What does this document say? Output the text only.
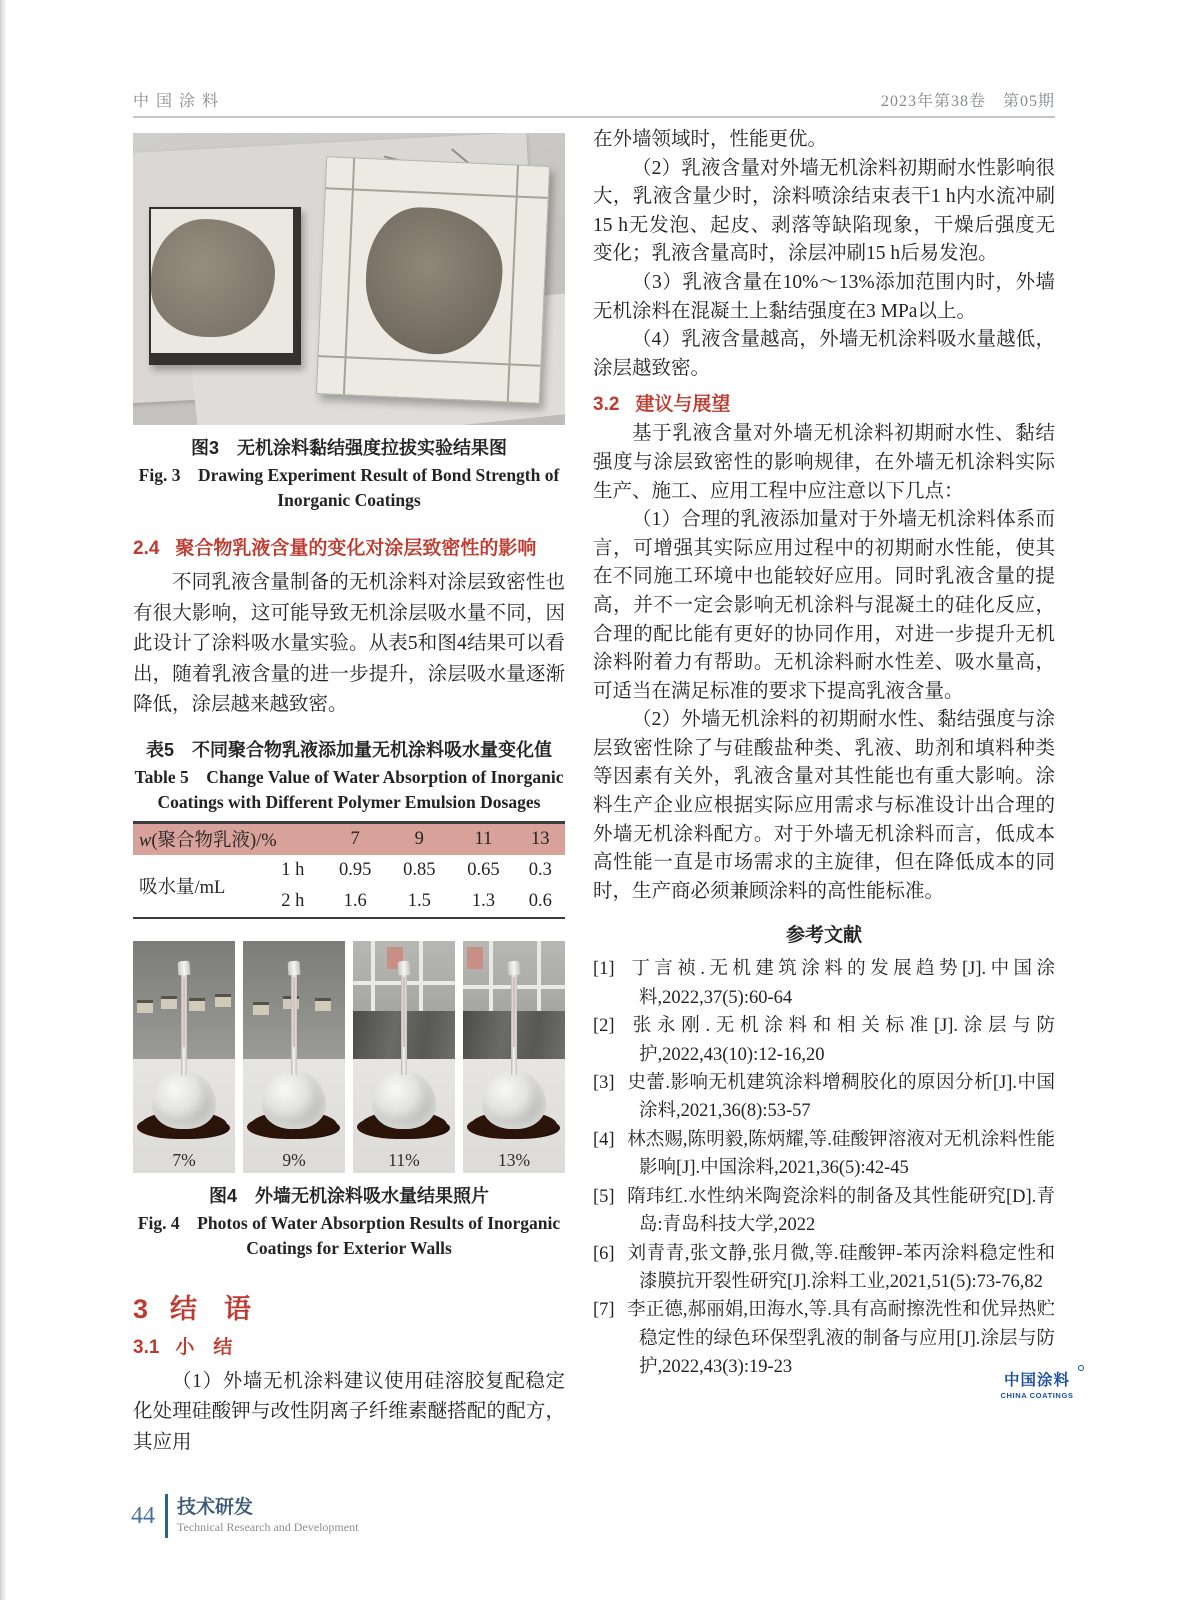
中国涂料	2023年第38卷　第05期
图3　无机涂料黏结强度拉拔实验结果图
Fig. 3　Drawing Experiment Result of Bond Strength of
Inorganic Coatings
2.4 聚合物乳液含量的变化对涂层致密性的影响

不同乳液含量制备的无机涂料对涂层致密性也有很大影响，这可能导致无机涂层吸水量不同，因此设计了涂料吸水量实验。从表5和图4结果可以看出，随着乳液含量的进一步提升，涂层吸水量逐渐降低，涂层越来越致密。

表5　不同聚合物乳液添加量无机涂料吸水量变化值
Table 5　Change Value of Water Absorption of Inorganic
Coatings with Different Polymer Emulsion Dosages
w(聚合物乳液)/%		7	9	11	13
吸水量/mL	1 h	0.95	0.85	0.65	0.3
	2 h	1.6	1.5	1.3	0.6
7%	9%	11%	13%
图4　外墙无机涂料吸水量结果照片
Fig. 4　Photos of Water Absorption Results of Inorganic
Coatings for Exterior Walls
3 结　语
3.1 小　结

（1）外墙无机涂料建议使用硅溶胶复配稳定化处理硅酸钾与改性阴离子纤维素醚搭配的配方，其应用

在外墙领域时，性能更优。

（2）乳液含量对外墙无机涂料初期耐水性影响很大，乳液含量少时，涂料喷涂结束表干1 h内水流冲刷15 h无发泡、起皮、剥落等缺陷现象，干燥后强度无变化；乳液含量高时，涂层冲刷15 h后易发泡。

（3）乳液含量在10%～13%添加范围内时，外墙无机涂料在混凝土上黏结强度在3 MPa以上。

（4）乳液含量越高，外墙无机涂料吸水量越低，涂层越致密。

3.2 建议与展望

基于乳液含量对外墙无机涂料初期耐水性、黏结强度与涂层致密性的影响规律，在外墙无机涂料实际生产、施工、应用工程中应注意以下几点：

（1）合理的乳液添加量对于外墙无机涂料体系而言，可增强其实际应用过程中的初期耐水性能，使其在不同施工环境中也能较好应用。同时乳液含量的提高，并不一定会影响无机涂料与混凝土的硅化反应，合理的配比能有更好的协同作用，对进一步提升无机涂料附着力有帮助。无机涂料耐水性差、吸水量高，可适当在满足标准的要求下提高乳液含量。

（2）外墙无机涂料的初期耐水性、黏结强度与涂层致密性除了与硅酸盐种类、乳液、助剂和填料种类等因素有关外，乳液含量对其性能也有重大影响。涂料生产企业应根据实际应用需求与标准设计出合理的外墙无机涂料配方。对于外墙无机涂料而言，低成本高性能一直是市场需求的主旋律，但在降低成本的同时，生产商必须兼顾涂料的高性能标准。

参考文献

[1] 丁言祯.无机建筑涂料的发展趋势[J].中国涂料,2022,37(5):60-64

[2] 张永刚.无机涂料和相关标准[J].涂层与防护,2022,43(10):12-16,20

[3] 史蕾.影响无机建筑涂料增稠胶化的原因分析[J].中国涂料,2021,36(8):53-57

[4] 林杰赐,陈明毅,陈炳耀,等.硅酸钾溶液对无机涂料性能影响[J].中国涂料,2021,36(5):42-45

[5] 隋玮红.水性纳米陶瓷涂料的制备及其性能研究[D].青岛:青岛科技大学,2022

[6] 刘青青,张文静,张月微,等.硅酸钾-苯丙涂料稳定性和漆膜抗开裂性研究[J].涂料工业,2021,51(5):73-76,82

[7] 李正德,郝丽娟,田海水,等.具有高耐擦洗性和优异热贮稳定性的绿色环保型乳液的制备与应用[J].涂层与防护,2022,43(3):19-23

中国涂料
CHINA COATINGS
44 技术研发
Technical Research and Development
